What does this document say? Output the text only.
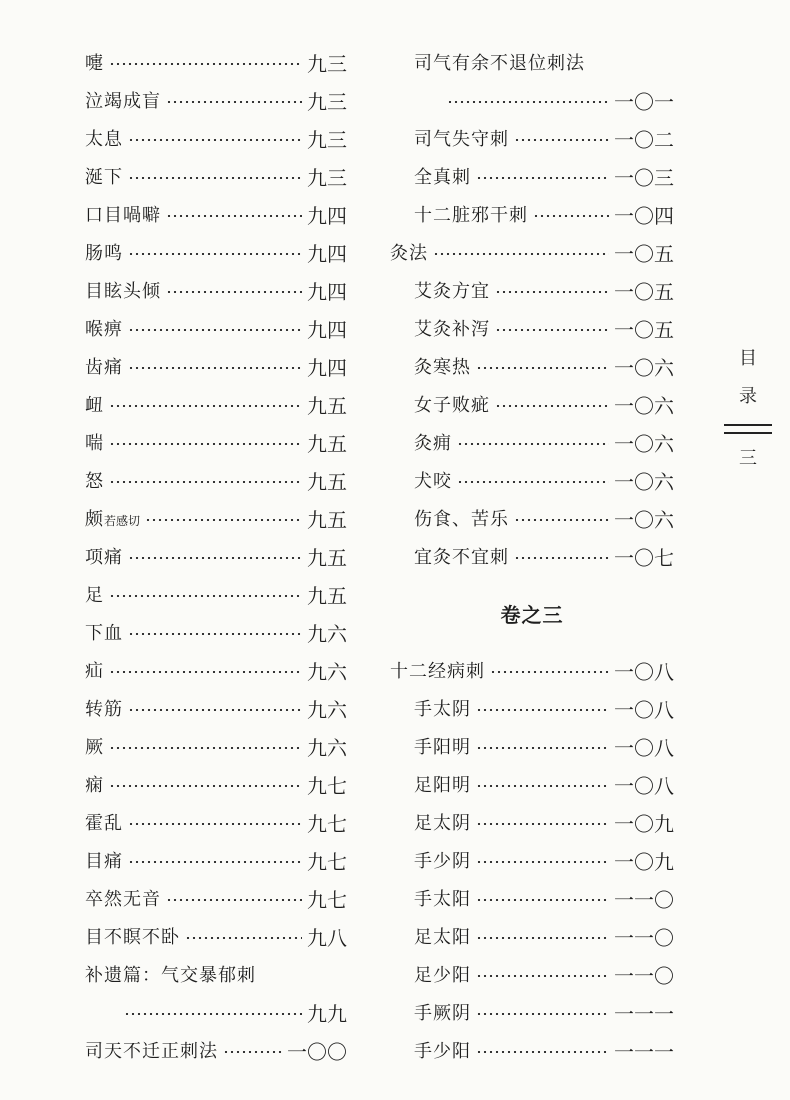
嚏	九三
泣竭成盲	九三
太息	九三
涎下	九三
口目喎噼	九四
肠鸣	九四
目眩头倾	九四
喉痹	九四
齿痛	九四
衄	九五
喘	九五
怒	九五
颇若感切	九五
项痛	九五
足	九五
下血	九六
疝	九六
转筋	九六
厥	九六
痫	九七
霍乱	九七
目痛	九七
卒然无音	九七
目不瞑不卧	九八
补遗篇：气交暴郁刺
九九
司天不迁正刺法	一〇〇
司气有余不退位刺法
一〇一
司气失守刺	一〇二
全真刺	一〇三
十二脏邪干刺	一〇四
灸法	一〇五
艾灸方宜	一〇五
艾灸补泻	一〇五
灸寒热	一〇六
女子败疵	一〇六
灸痈	一〇六
犬咬	一〇六
伤食、苦乐	一〇六
宜灸不宜刺	一〇七
卷之三
十二经病刺	一〇八
手太阴	一〇八
手阳明	一〇八
足阳明	一〇八
足太阴	一〇九
手少阴	一〇九
手太阳	一一〇
足太阳	一一〇
足少阳	一一〇
手厥阴	一一一
手少阳	一一一
目
录
三
